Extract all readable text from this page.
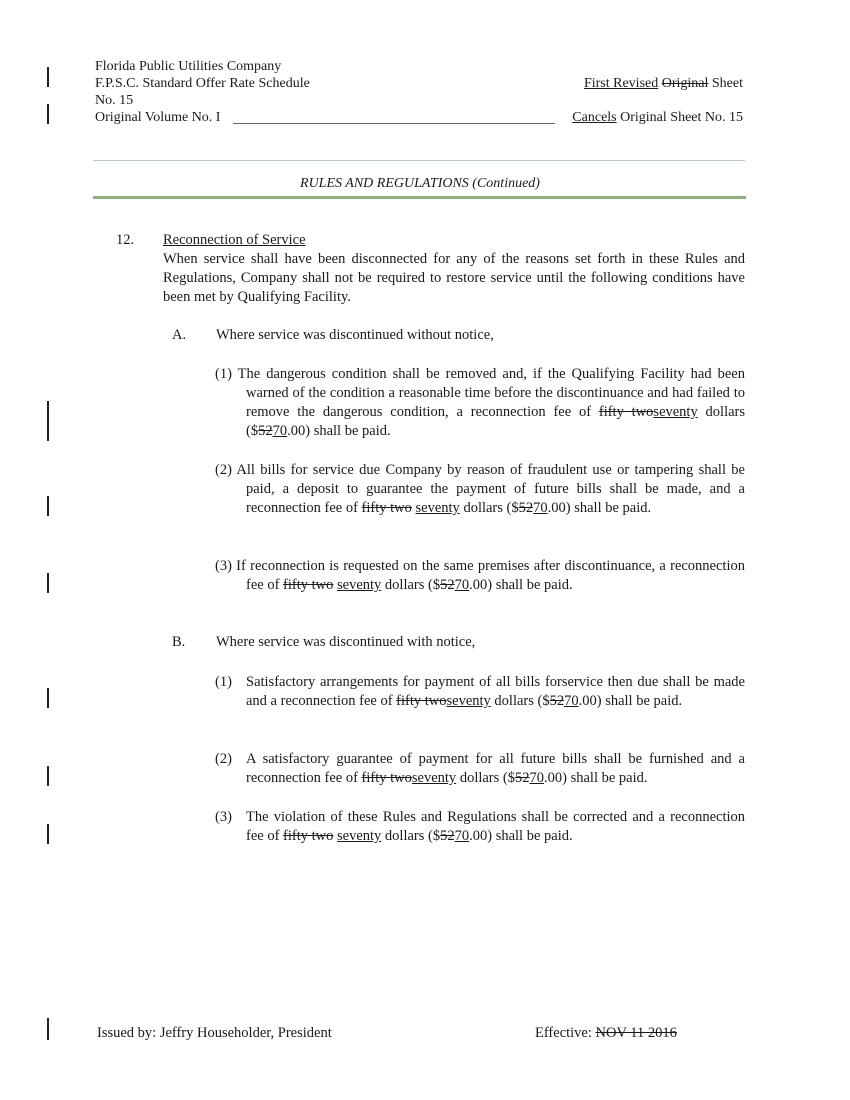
Florida Public Utilities Company
F.P.S.C. Standard Offer Rate Schedule
No. 15
Original Volume No. I
First Revised Original Sheet
Cancels Original Sheet No. 15
RULES AND REGULATIONS (Continued)
12. Reconnection of Service
When service shall have been disconnected for any of the reasons set forth in these Rules and Regulations, Company shall not be required to restore service until the following conditions have been met by Qualifying Facility.
A. Where service was discontinued without notice,
(1) The dangerous condition shall be removed and, if the Qualifying Facility had been warned of the condition a reasonable time before the discontinuance and had failed to remove the dangerous condition, a reconnection fee of fifty twoseventy dollars ($5270.00) shall be paid.
(2) All bills for service due Company by reason of fraudulent use or tampering shall be paid, a deposit to guarantee the payment of future bills shall be made, and a reconnection fee of fifty two seventy dollars ($5270.00) shall be paid.
(3) If reconnection is requested on the same premises after discontinuance, a reconnection fee of fifty two seventy dollars ($5270.00) shall be paid.
B. Where service was discontinued with notice,
(1) Satisfactory arrangements for payment of all bills forservice then due shall be made and a reconnection fee of fifty twoseventy dollars ($5270.00) shall be paid.
(2) A satisfactory guarantee of payment for all future bills shall be furnished and a reconnection fee of fifty twoseventy dollars ($5270.00) shall be paid.
(3) The violation of these Rules and Regulations shall be corrected and a reconnection fee of fifty two seventy dollars ($5270.00) shall be paid.
Issued by: Jeffry Householder, President	Effective: NOV 11 2016
